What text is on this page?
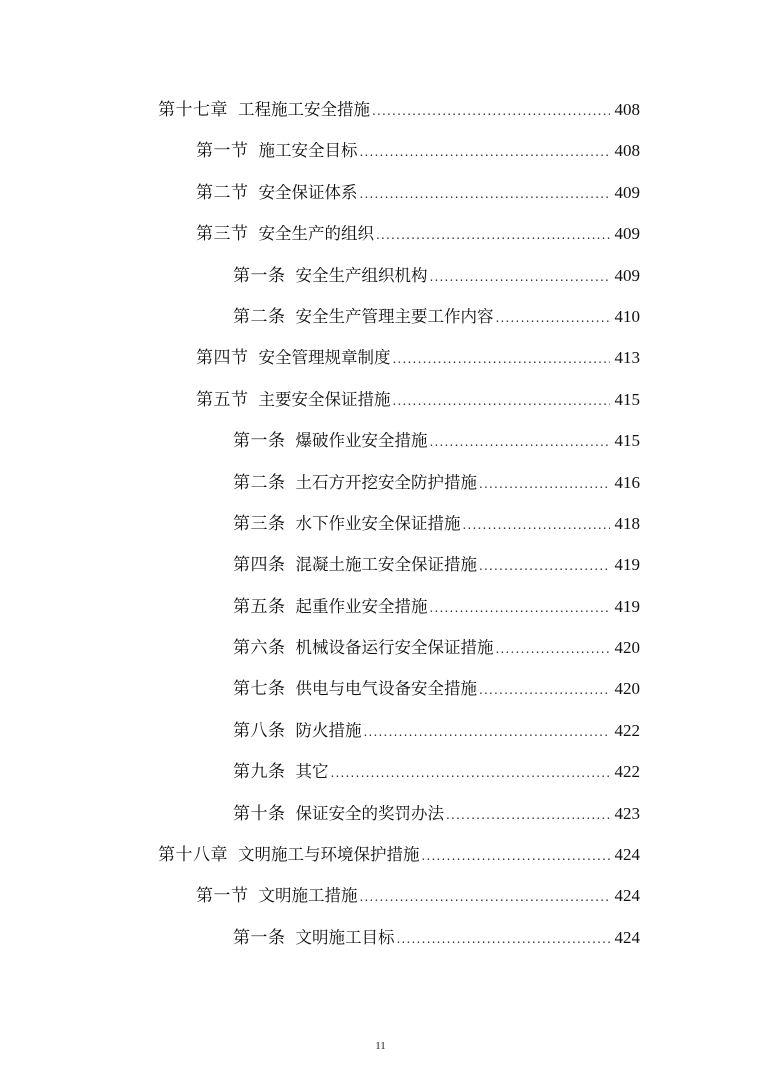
第十七章 工程施工安全措施 .....	408
第一节 施工安全目标 .....	408
第二节 安全保证体系 .....	409
第三节 安全生产的组织 .....	409
第一条 安全生产组织机构 .....	409
第二条 安全生产管理主要工作内容 .....	410
第四节 安全管理规章制度 .....	413
第五节 主要安全保证措施 .....	415
第一条 爆破作业安全措施 .....	415
第二条 土石方开挖安全防护措施 .....	416
第三条 水下作业安全保证措施 .....	418
第四条 混凝土施工安全保证措施 .....	419
第五条 起重作业安全措施 .....	419
第六条 机械设备运行安全保证措施 .....	420
第七条 供电与电气设备安全措施 .....	420
第八条 防火措施 .....	422
第九条 其它 .....	422
第十条 保证安全的奖罚办法 .....	423
第十八章 文明施工与环境保护措施 .....	424
第一节 文明施工措施 .....	424
第一条 文明施工目标 .....	424
11
